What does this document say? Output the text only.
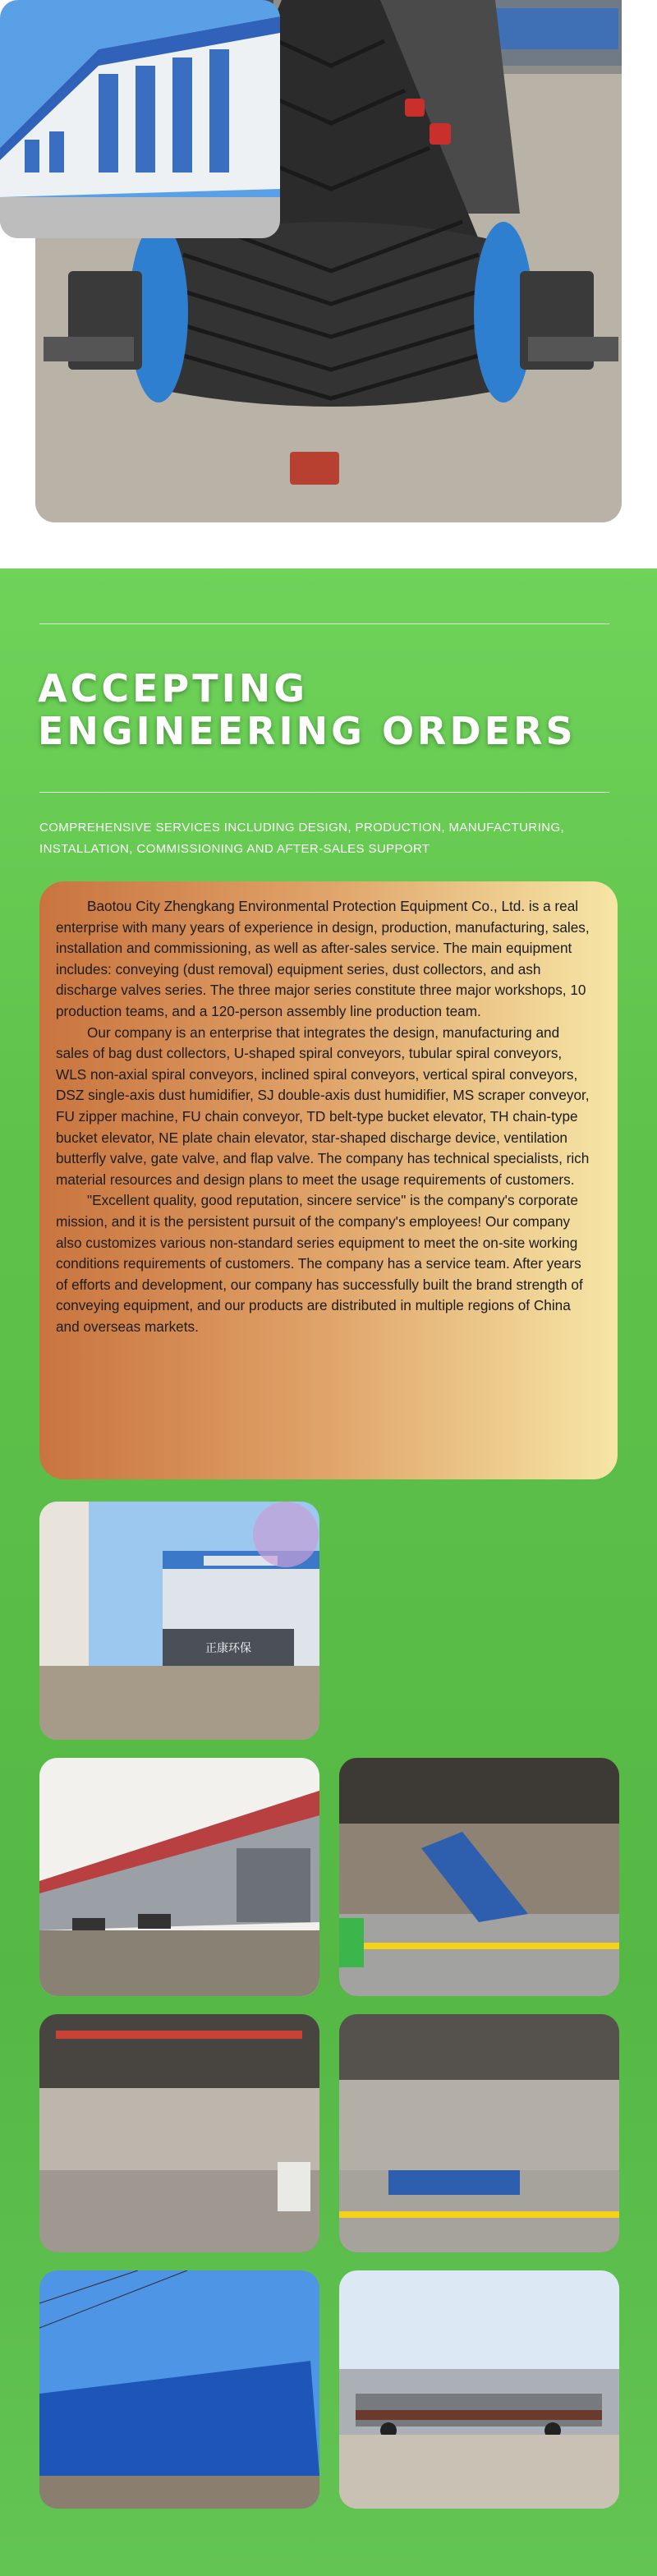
ACCEPTING
ENGINEERING ORDERS
COMPREHENSIVE SERVICES INCLUDING DESIGN, PRODUCTION, MANUFACTURING, INSTALLATION, COMMISSIONING AND AFTER-SALES SUPPORT

Baotou City Zhengkang Environmental Protection Equipment Co., Ltd. is a real enterprise with many years of experience in design, production, manufacturing, sales, installation and commissioning, as well as after-sales service. The main equipment includes: conveying (dust removal) equipment series, dust collectors, and ash discharge valves series. The three major series constitute three major workshops, 10 production teams, and a 120-person assembly line production team.

Our company is an enterprise that integrates the design, manufacturing and sales of bag dust collectors, U-shaped spiral conveyors, tubular spiral conveyors, WLS non-axial spiral conveyors, inclined spiral conveyors, vertical spiral conveyors, DSZ single-axis dust humidifier, SJ double-axis dust humidifier, MS scraper conveyor, FU zipper machine, FU chain conveyor, TD belt-type bucket elevator, TH chain-type bucket elevator, NE plate chain elevator, star-shaped discharge device, ventilation butterfly valve, gate valve, and flap valve. The company has technical specialists, rich material resources and design plans to meet the usage requirements of customers.

"Excellent quality, good reputation, sincere service" is the company's corporate mission, and it is the persistent pursuit of the company's employees! Our company also customizes various non-standard series equipment to meet the on-site working conditions requirements of customers. The company has a service team. After years of efforts and development, our company has successfully built the brand strength of conveying equipment, and our products are distributed in multiple regions of China and overseas markets.

正康环保
